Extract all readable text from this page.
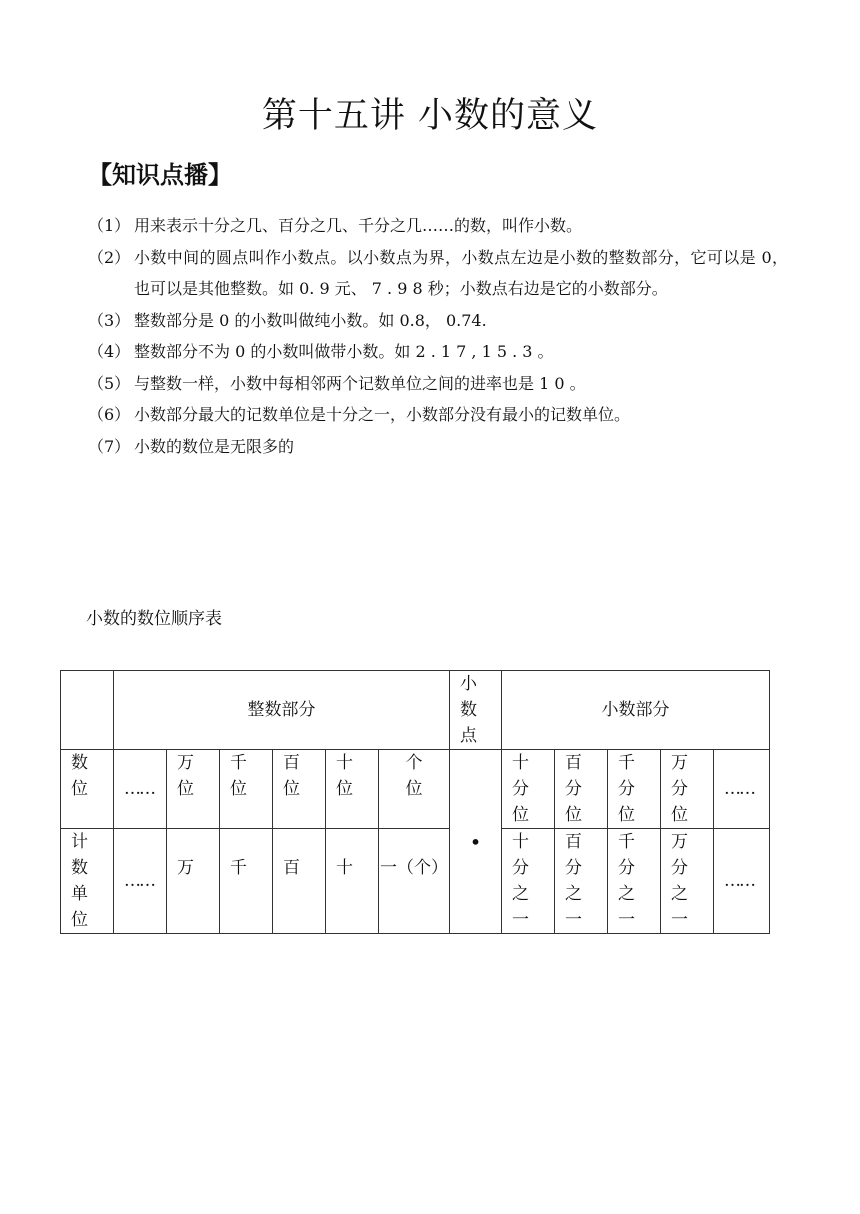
第十五讲 小数的意义
【知识点播】
（1） 用来表示十分之几、百分之几、千分之几……的数，叫作小数。
（2） 小数中间的圆点叫作小数点。以小数点为界，小数点左边是小数的整数部分，它可以是 0，也可以是其他整数。如 0. 9 元、 7 . 9 8 秒；小数点右边是它的小数部分。
（3） 整数部分是 0 的小数叫做纯小数。如 0.8， 0.74.
（4） 整数部分不为 0 的小数叫做带小数。如 2 . 1 7 , 1 5 . 3 。
（5） 与整数一样，小数中每相邻两个记数单位之间的进率也是 1 0 。
（6） 小数部分最大的记数单位是十分之一，小数部分没有最小的记数单位。
（7） 小数的数位是无限多的

小数的数位顺序表

	整数部分						小数点	小数部分				

数位	……	万位	千位	百位	十位	个位	•	十分位	百分位	千分位	万分位	……

计数单位	……	万	千	百	十	一（个）		十分之一	百分之一	千分之一	万分之一	……
